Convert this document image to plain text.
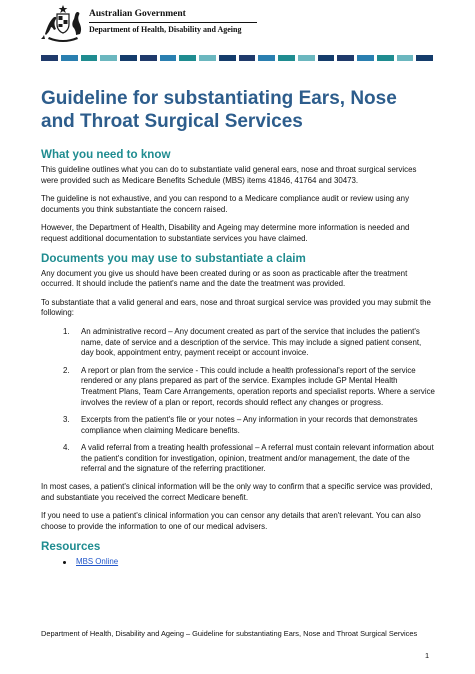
Australian Government
Department of Health, Disability and Ageing
Guideline for substantiating Ears, Nose
and Throat Surgical Services
What you need to know

This guideline outlines what you can do to substantiate valid general ears, nose and throat surgical services were provided such as Medicare Benefits Schedule (MBS) items 41846, 41764 and 30473.

The guideline is not exhaustive, and you can respond to a Medicare compliance audit or review using any documents you think substantiate the concern raised.

However, the Department of Health, Disability and Ageing may determine more information is needed and request additional documentation to substantiate services you have claimed.

Documents you may use to substantiate a claim

Any document you give us should have been created during or as soon as practicable after the treatment occurred. It should include the patient's name and the date the treatment was provided.

To substantiate that a valid general and ears, nose and throat surgical service was provided you may submit the following:

1.	An administrative record – Any document created as part of the service that includes the patient's name, date of service and a description of the service. This may include a signed patient consent, day book, appointment entry, payment receipt or account invoice.
2.	A report or plan from the service - This could include a health professional's report of the service rendered or any plans prepared as part of the service. Examples include GP Mental Health Treatment Plans, Team Care Arrangements, operation reports and specialist reports. Where a service involves the review of a plan or report, records should reflect any changes or progress.
3.	Excerpts from the patient's file or your notes – Any information in your records that demonstrates compliance when claiming Medicare benefits.
4.	A valid referral from a treating health professional – A referral must contain relevant information about the patient's condition for investigation, opinion, treatment and/or management, the date of the referral and the signature of the referring practitioner.

In most cases, a patient's clinical information will be the only way to confirm that a specific service was provided, and substantiate you received the correct Medicare benefit.

If you need to use a patient's clinical information you can censor any details that aren't relevant. You can also choose to provide the information to one of our medical advisers.

Resources
MBS Online
Department of Health, Disability and Ageing – Guideline for substantiating Ears, Nose and Throat Surgical Services
1
